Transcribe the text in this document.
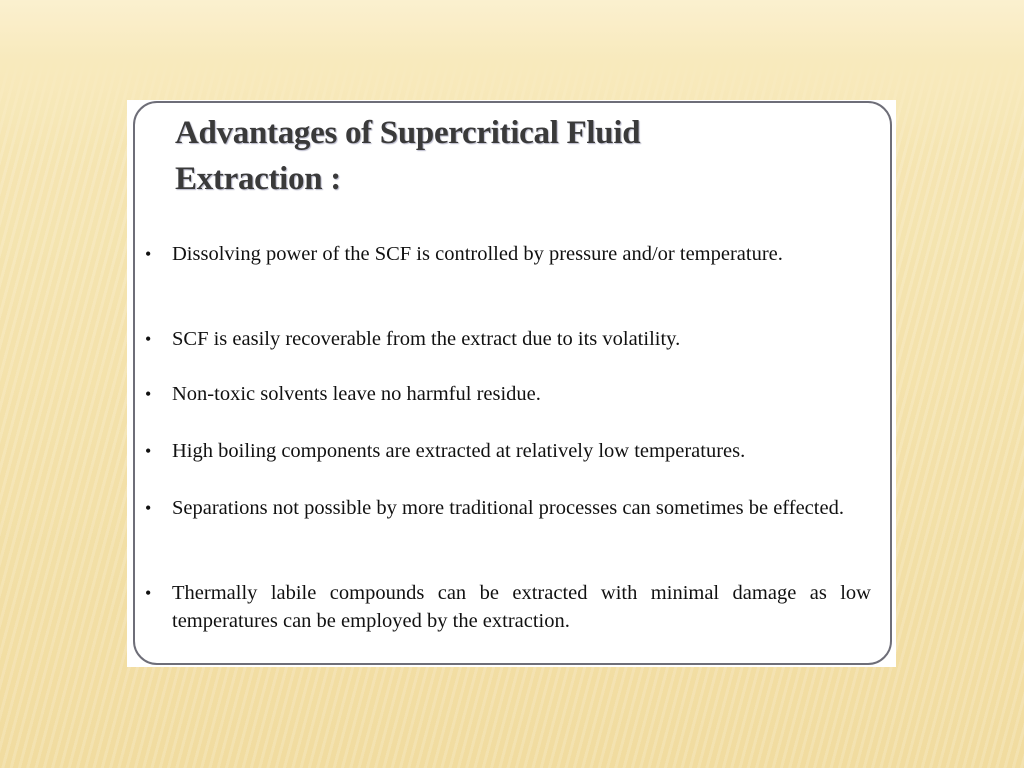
Advantages of Supercritical Fluid
Extraction :
• Dissolving power of the SCF is controlled by pressure and/or temperature.
• SCF is easily recoverable from the extract due to its volatility.
• Non-toxic solvents leave no harmful residue.
• High boiling components are extracted at relatively low temperatures.
• Separations not possible by more traditional processes can sometimes be effected.
• Thermally labile compounds can be extracted with minimal damage as low temperatures can be employed by the extraction.
